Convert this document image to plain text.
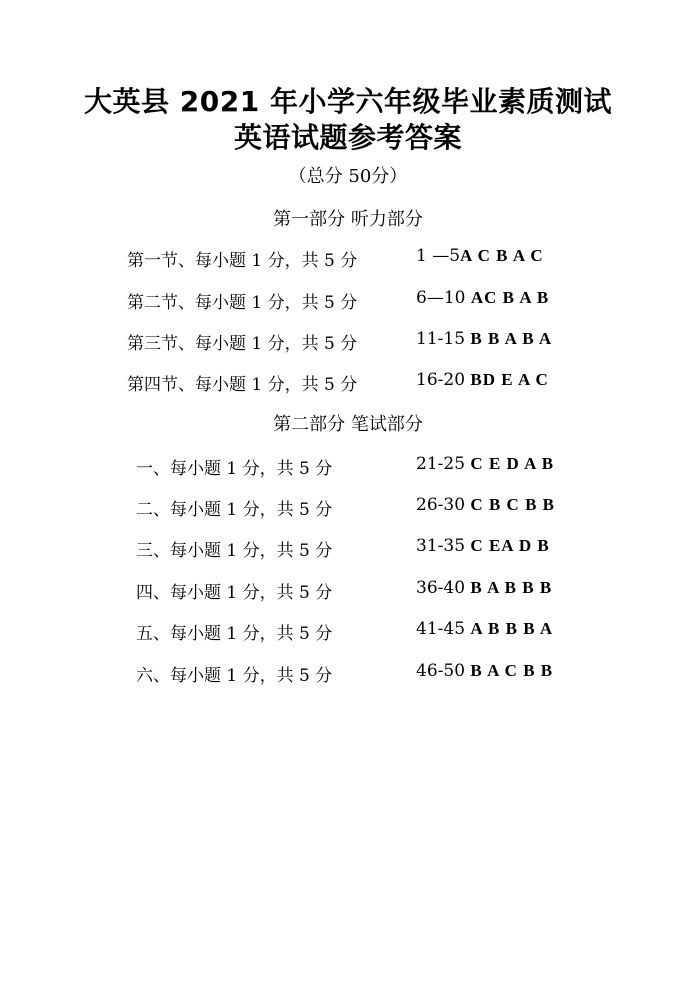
大英县 2021 年小学六年级毕业素质测试
英语试题参考答案
（总分 50分）
第一部分 听力部分
第一节、每小题 1 分，共 5 分	1 —5A C B A C
第二节、每小题 1 分，共 5 分	6—10 AC B A B
第三节、每小题 1 分，共 5 分	11-15 B B A B A
第四节、每小题 1 分，共 5 分	16-20 BD E A C
第二部分 笔试部分
一、每小题 1 分，共 5 分	21-25 C E D A B
二、每小题 1 分，共 5 分	26-30 C B C B B
三、每小题 1 分，共 5 分	31-35 C EA D B
四、每小题 1 分，共 5 分	36-40 B A B B B
五、每小题 1 分，共 5 分	41-45 A B B B A
六、每小题 1 分，共 5 分	46-50 B A C B B
